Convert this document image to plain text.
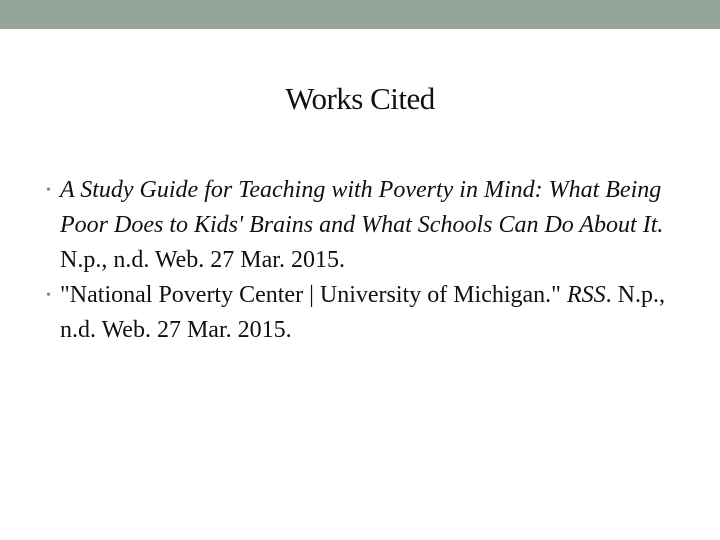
Works Cited
• A Study Guide for Teaching with Poverty in Mind: What Being Poor Does to Kids' Brains and What Schools Can Do About It. N.p., n.d. Web. 27 Mar. 2015.
• "National Poverty Center | University of Michigan." RSS. N.p., n.d. Web. 27 Mar. 2015.
